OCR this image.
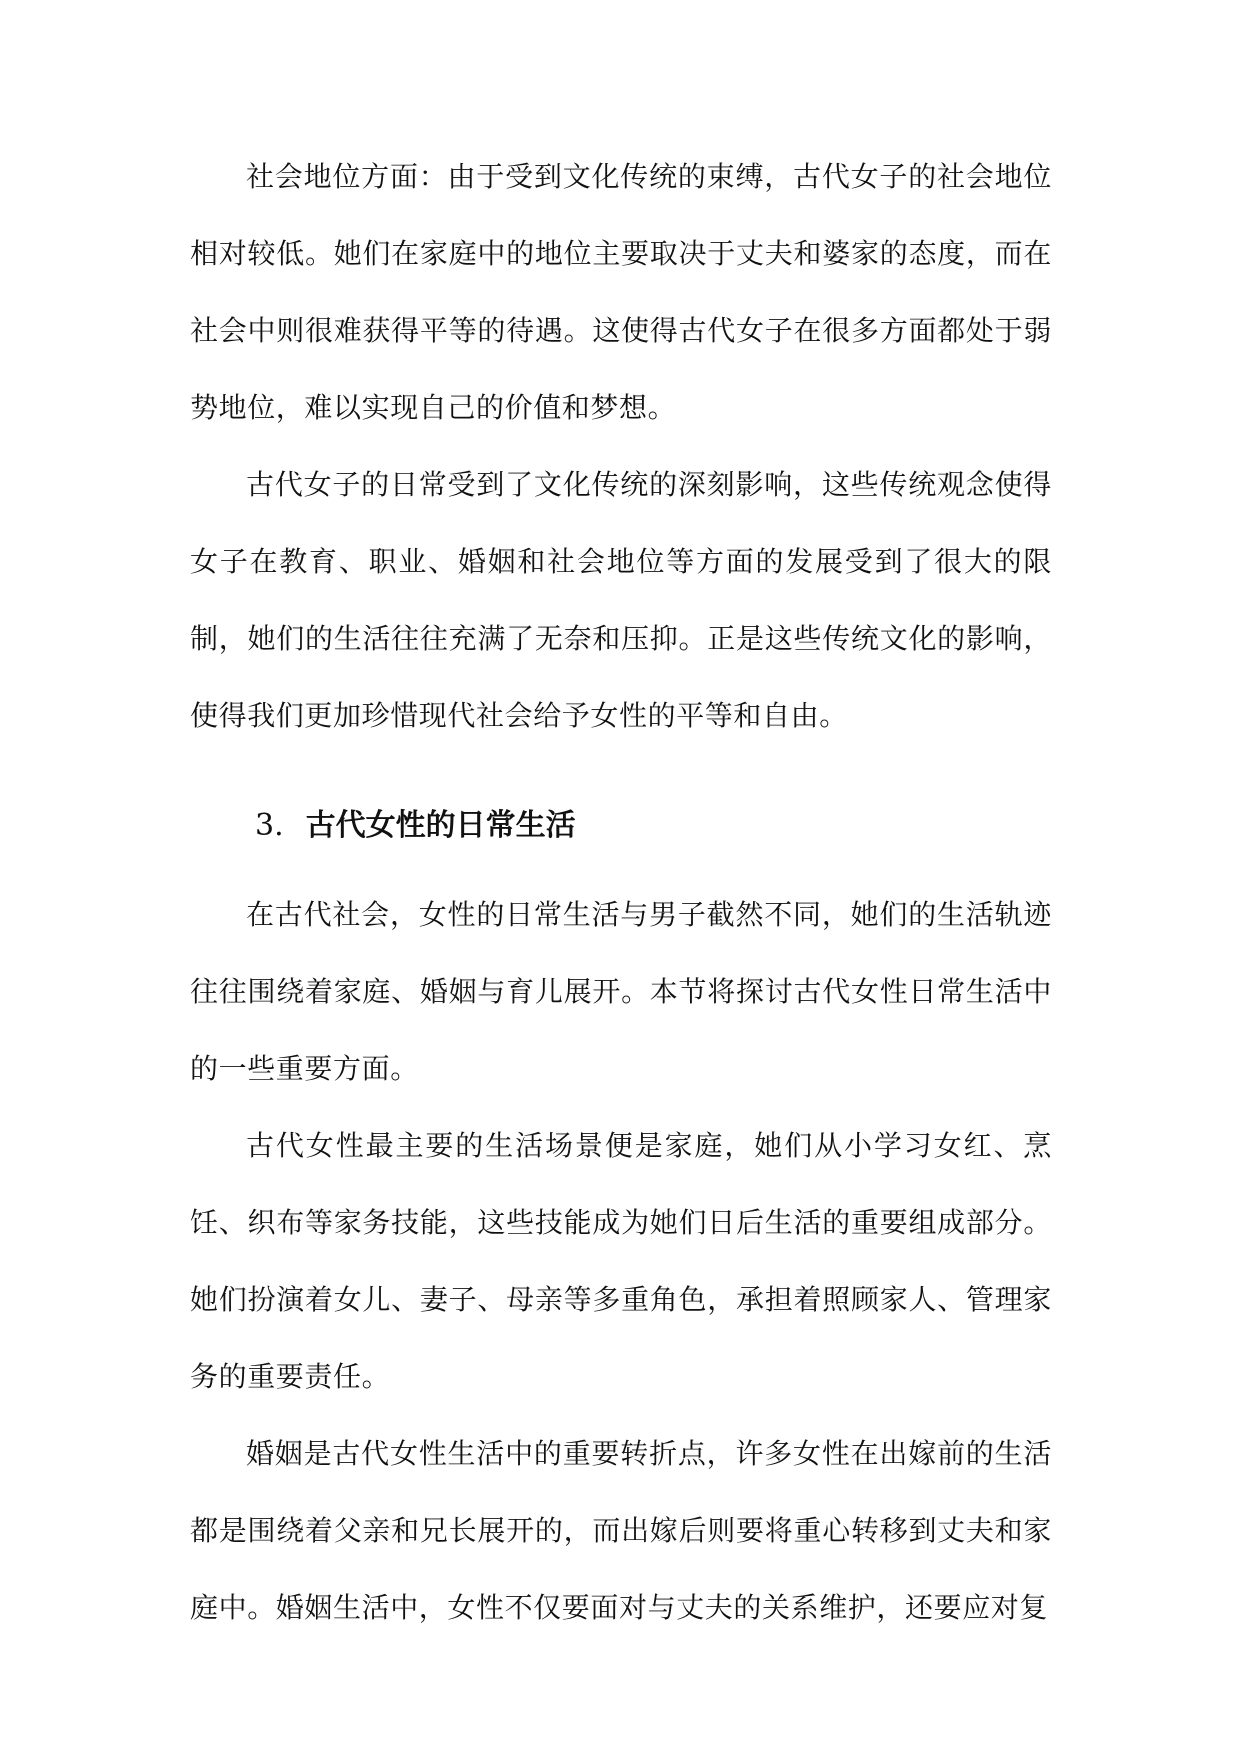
社会地位方面：由于受到文化传统的束缚，古代女子的社会地位相对较低。她们在家庭中的地位主要取决于丈夫和婆家的态度，而在社会中则很难获得平等的待遇。这使得古代女子在很多方面都处于弱势地位，难以实现自己的价值和梦想。

古代女子的日常受到了文化传统的深刻影响，这些传统观念使得女子在教育、职业、婚姻和社会地位等方面的发展受到了很大的限制，她们的生活往往充满了无奈和压抑。正是这些传统文化的影响，使得我们更加珍惜现代社会给予女性的平等和自由。

3. 古代女性的日常生活

在古代社会，女性的日常生活与男子截然不同，她们的生活轨迹往往围绕着家庭、婚姻与育儿展开。本节将探讨古代女性日常生活中的一些重要方面。

古代女性最主要的生活场景便是家庭，她们从小学习女红、烹饪、织布等家务技能，这些技能成为她们日后生活的重要组成部分。她们扮演着女儿、妻子、母亲等多重角色，承担着照顾家人、管理家务的重要责任。

婚姻是古代女性生活中的重要转折点，许多女性在出嫁前的生活都是围绕着父亲和兄长展开的，而出嫁后则要将重心转移到丈夫和家庭中。婚姻生活中，女性不仅要面对与丈夫的关系维护，还要应对复
